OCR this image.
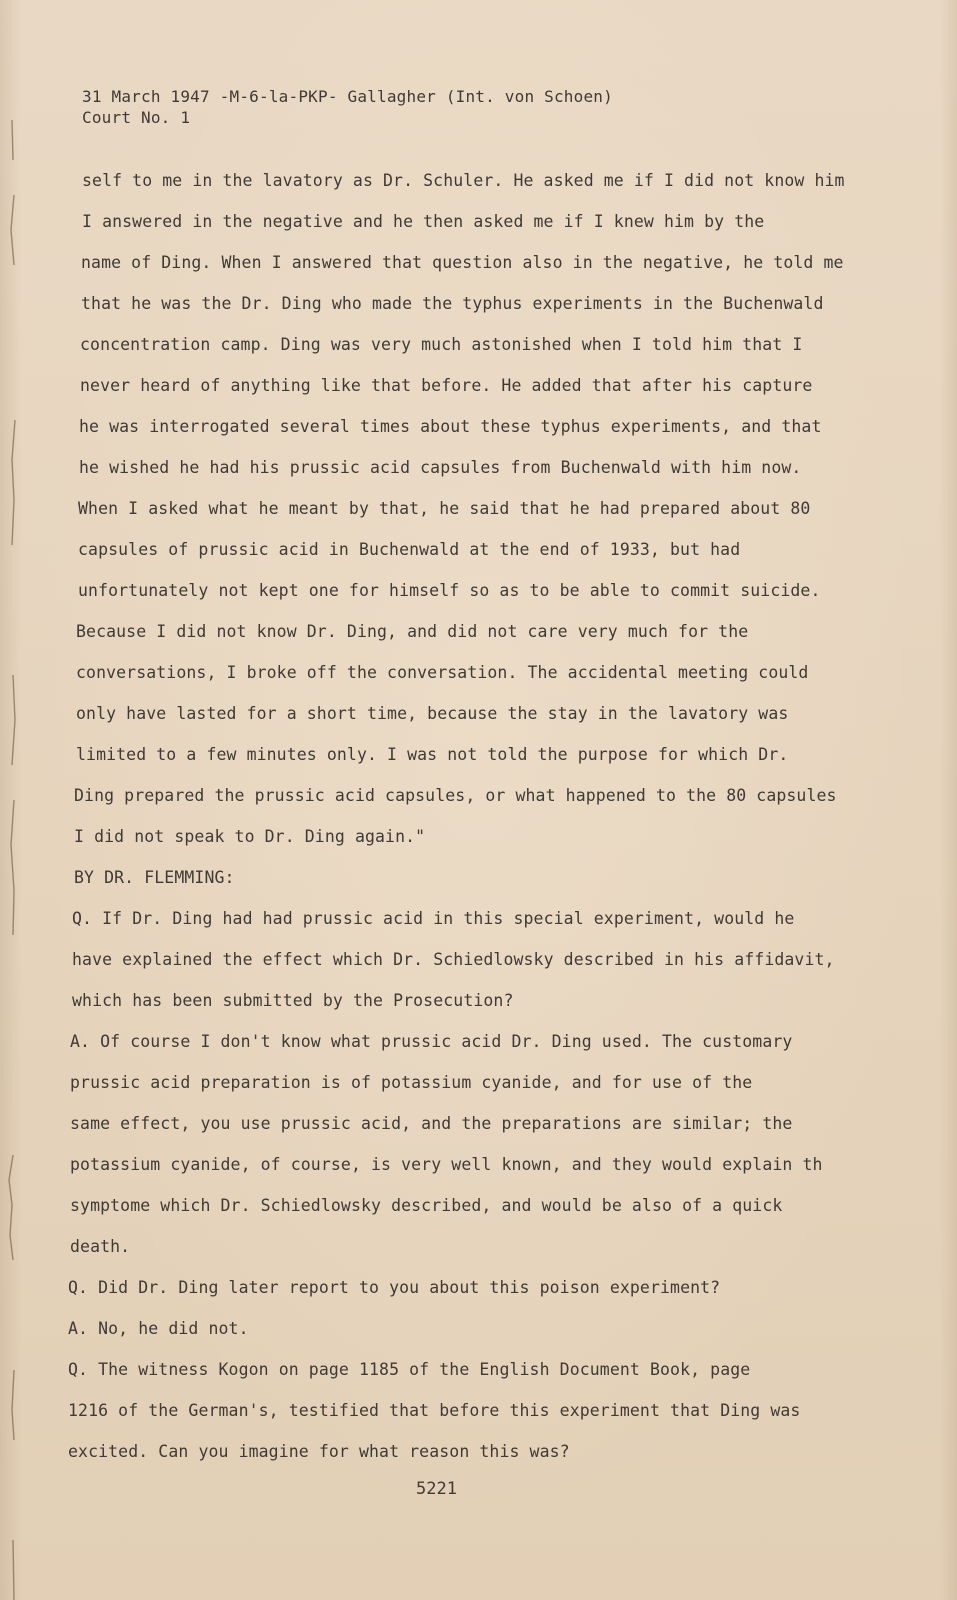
31 March 1947 -M-6-la-PKP- Gallagher (Int. von Schoen)
Court No. 1
self to me in the lavatory as Dr. Schuler. He asked me if I did not know him
I answered in the negative and he then asked me if I knew him by the
name of Ding. When I answered that question also in the negative, he told me
that he was the Dr. Ding who made the typhus experiments in the Buchenwald
concentration camp. Ding was very much astonished when I told him that I
never heard of anything like that before. He added that after his capture
he was interrogated several times about these typhus experiments, and that
he wished he had his prussic acid capsules from Buchenwald with him now.
When I asked what he meant by that, he said that he had prepared about 80
capsules of prussic acid in Buchenwald at the end of 1933, but had
unfortunately not kept one for himself so as to be able to commit suicide.
Because I did not know Dr. Ding, and did not care very much for the
conversations, I broke off the conversation. The accidental meeting could
only have lasted for a short time, because the stay in the lavatory was
limited to a few minutes only. I was not told the purpose for which Dr.
Ding prepared the prussic acid capsules, or what happened to the 80 capsules
I did not speak to Dr. Ding again."
BY DR. FLEMMING:
Q. If Dr. Ding had had prussic acid in this special experiment, would he
have explained the effect which Dr. Schiedlowsky described in his affidavit,
which has been submitted by the Prosecution?
A. Of course I don't know what prussic acid Dr. Ding used. The customary
prussic acid preparation is of potassium cyanide, and for use of the
same effect, you use prussic acid, and the preparations are similar; the
potassium cyanide, of course, is very well known, and they would explain th
symptome which Dr. Schiedlowsky described, and would be also of a quick
death.
Q. Did Dr. Ding later report to you about this poison experiment?
A. No, he did not.
Q. The witness Kogon on page 1185 of the English Document Book, page
1216 of the German's, testified that before this experiment that Ding was
excited. Can you imagine for what reason this was?
5221
